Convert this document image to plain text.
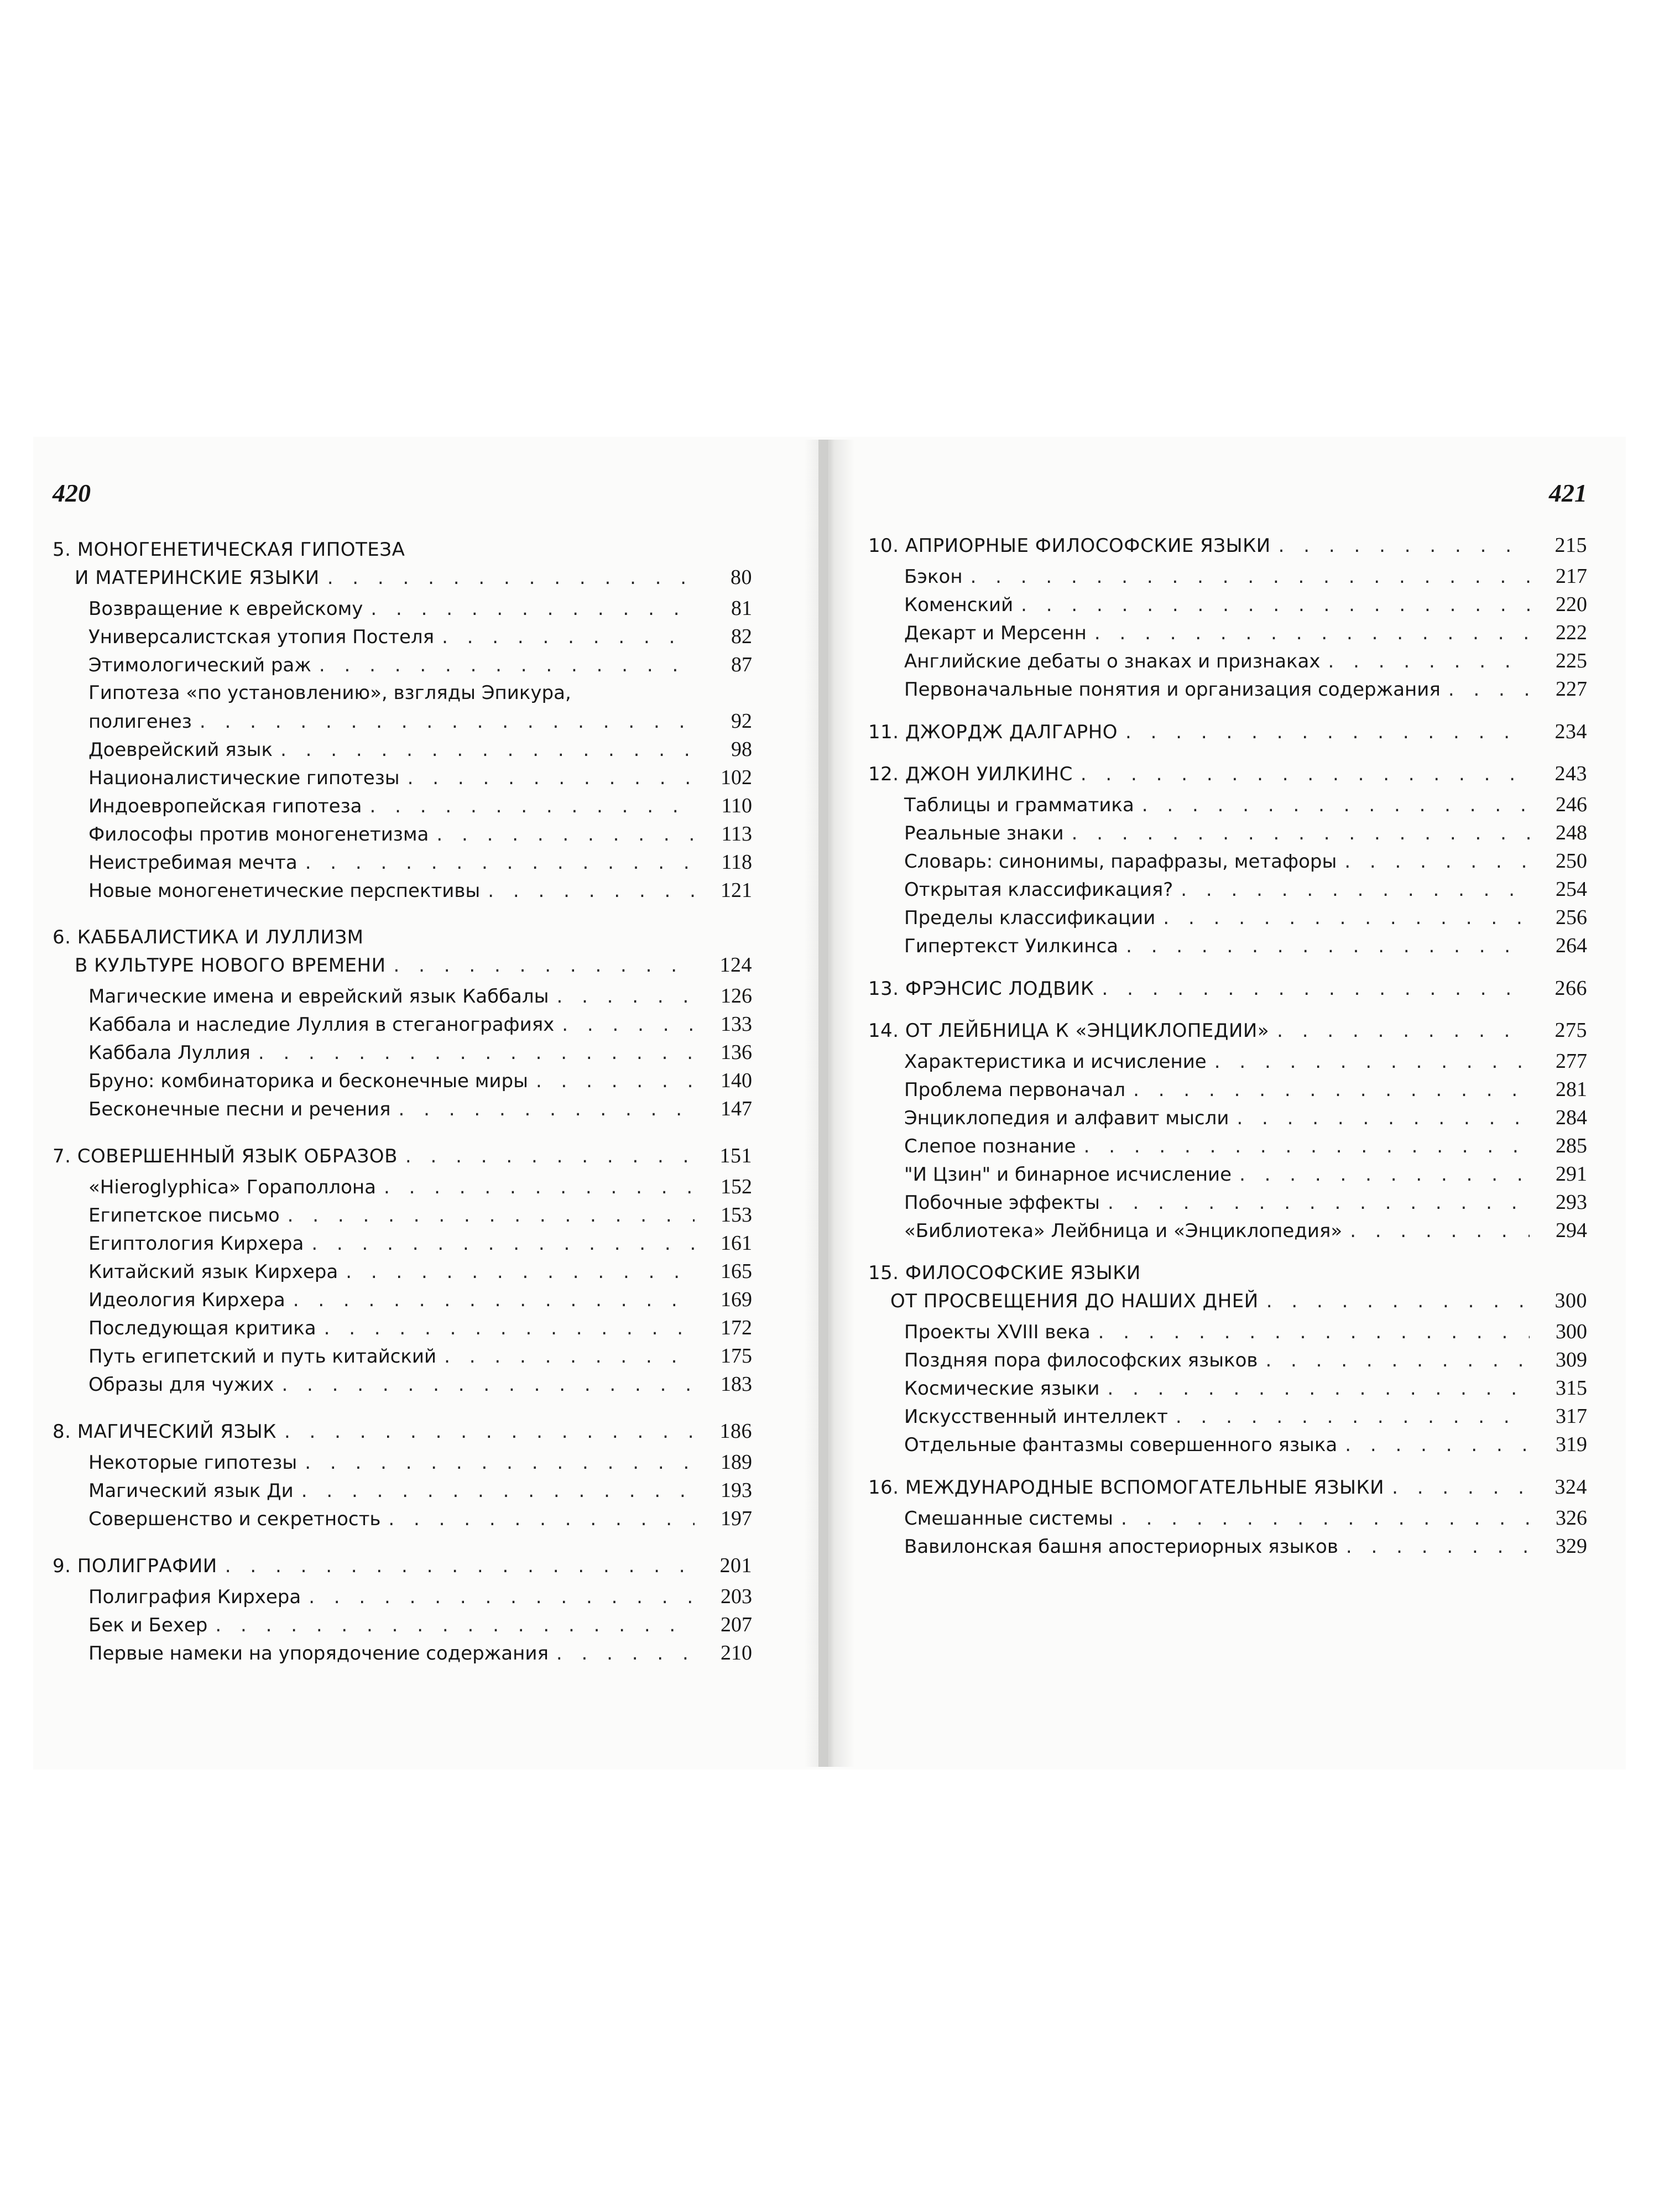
420
5. МОНОГЕНЕТИЧЕСКАЯ ГИПОТЕЗА
И МАТЕРИНСКИЕ ЯЗЫКИ . . .	80
Возвращение к еврейскому . . .	81
Универсалистская утопия Постеля . . .	82
Этимологический раж . . .	87
Гипотеза «по установлению», взгляды Эпикура,
полигенез . . .	92
Доеврейский язык . . .	98
Националистические гипотезы . . .	102
Индоевропейская гипотеза . . .	110
Философы против моногенетизма . . .	113
Неистребимая мечта . . .	118
Новые моногенетические перспективы . . .	121
6. КАББАЛИСТИКА И ЛУЛЛИЗМ
В КУЛЬТУРЕ НОВОГО ВРЕМЕНИ . . .	124
Магические имена и еврейский язык Каббалы . . .	126
Каббала и наследие Луллия в стеганографиях . . .	133
Каббала Луллия . . .	136
Бруно: комбинаторика и бесконечные миры . . .	140
Бесконечные песни и речения . . .	147
7. СОВЕРШЕННЫЙ ЯЗЫК ОБРАЗОВ . . .	151
«Hieroglyphica» Гораполлона . . .	152
Египетское письмо . . .	153
Египтология Кирхера . . .	161
Китайский язык Кирхера . . .	165
Идеология Кирхера . . .	169
Последующая критика . . .	172
Путь египетский и путь китайский . . .	175
Образы для чужих . . .	183
8. МАГИЧЕСКИЙ ЯЗЫК . . .	186
Некоторые гипотезы . . .	189
Магический язык Ди . . .	193
Совершенство и секретность . . .	197
9. ПОЛИГРАФИИ . . .	201
Полиграфия Кирхера . . .	203
Бек и Бехер . . .	207
Первые намеки на упорядочение содержания . . .	210
421
10. АПРИОРНЫЕ ФИЛОСОФСКИЕ ЯЗЫКИ . . .	215
Бэкон . . .	217
Коменский . . .	220
Декарт и Мерсенн . . .	222
Английские дебаты о знаках и признаках . . .	225
Первоначальные понятия и организация содержания . . .	227
11. ДЖОРДЖ ДАЛГАРНО . . .	234
12. ДЖОН УИЛКИНС . . .	243
Таблицы и грамматика . . .	246
Реальные знаки . . .	248
Словарь: синонимы, парафразы, метафоры . . .	250
Открытая классификация? . . .	254
Пределы классификации . . .	256
Гипертекст Уилкинса . . .	264
13. ФРЭНСИС ЛОДВИК . . .	266
14. ОТ ЛЕЙБНИЦА К «ЭНЦИКЛОПЕДИИ» . . .	275
Характеристика и исчисление . . .	277
Проблема первоначал . . .	281
Энциклопедия и алфавит мысли . . .	284
Слепое познание . . .	285
"И Цзин" и бинарное исчисление . . .	291
Побочные эффекты . . .	293
«Библиотека» Лейбница и «Энциклопедия» . . .	294
15. ФИЛОСОФСКИЕ ЯЗЫКИ
ОТ ПРОСВЕЩЕНИЯ ДО НАШИХ ДНЕЙ . . .	300
Проекты XVIII века . . .	300
Поздняя пора философских языков . . .	309
Космические языки . . .	315
Искусственный интеллект . . .	317
Отдельные фантазмы совершенного языка . . .	319
16. МЕЖДУНАРОДНЫЕ ВСПОМОГАТЕЛЬНЫЕ ЯЗЫКИ . . .	324
Смешанные системы . . .	326
Вавилонская башня апостериорных языков . . .	329
